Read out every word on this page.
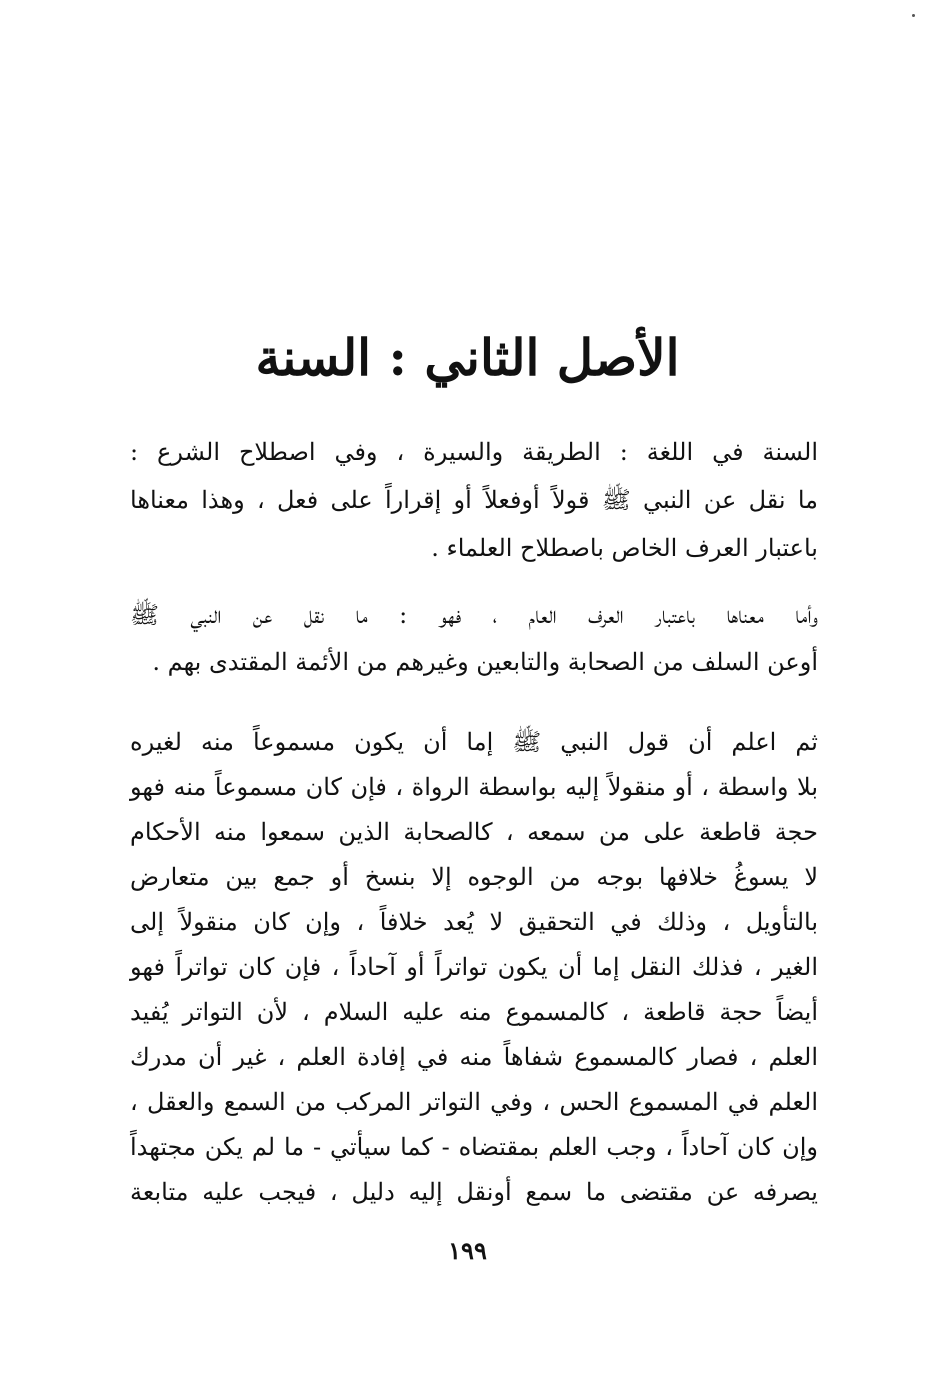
الأصل الثاني : السنة

السنة في اللغة : الطريقة والسيرة ، وفي اصطلاح الشرع :
ما نقل عن النبي ﷺ قولاً أوفعلاً أو إقراراً على فعل ، وهذا معناها
باعتبار العرف الخاص باصطلاح العلماء .

وأما معناها باعتبار العرف العام ، فهو : ما نقل عن النبي ﷺ
أوعن السلف من الصحابة والتابعين وغيرهم من الأئمة المقتدى بهم .

ثم اعلم أن قول النبي ﷺ إما أن يكون مسموعاً منه لغيره
بلا واسطة ، أو منقولاً إليه بواسطة الرواة ، فإن كان مسموعاً منه فهو
حجة قاطعة على من سمعه ، كالصحابة الذين سمعوا منه الأحكام
لا يسوغُ خلافها بوجه من الوجوه إلا بنسخ أو جمع بين متعارض
بالتأويل ، وذلك في التحقيق لا يُعد خلافاً ، وإن كان منقولاً إلى
الغير ، فذلك النقل إما أن يكون تواتراً أو آحاداً ، فإن كان تواتراً فهو
أيضاً حجة قاطعة ، كالمسموع منه عليه السلام ، لأن التواتر يُفيد
العلم ، فصار كالمسموع شفاهاً منه في إفادة العلم ، غير أن مدرك
العلم في المسموع الحس ، وفي التواتر المركب من السمع والعقل ،
وإن كان آحاداً ، وجب العلم بمقتضاه - كما سيأتي - ما لم يكن مجتهداً
يصرفه عن مقتضى ما سمع أونقل إليه دليل ، فيجب عليه متابعة

١٩٩
